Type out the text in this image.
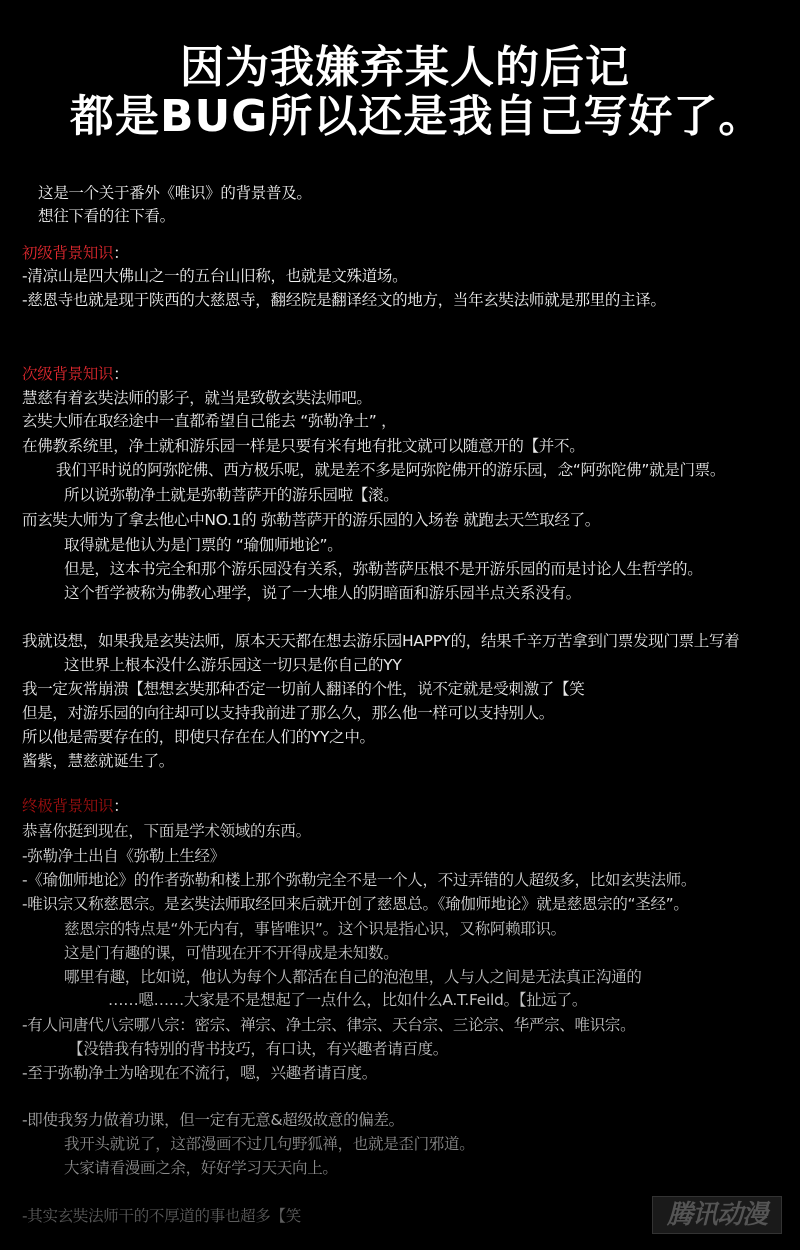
因为我嫌弃某人的后记
都是BUG所以还是我自己写好了。
这是一个关于番外《唯识》的背景普及。
想往下看的往下看。
初级背景知识：
-清凉山是四大佛山之一的五台山旧称，也就是文殊道场。
-慈恩寺也就是现于陕西的大慈恩寺，翻经院是翻译经文的地方，当年玄奘法师就是那里的主译。
次级背景知识：
慧慈有着玄奘法师的影子，就当是致敬玄奘法师吧。
玄奘大师在取经途中一直都希望自己能去 “弥勒净土” ，
在佛教系统里，净土就和游乐园一样是只要有米有地有批文就可以随意开的【并不。
我们平时说的阿弥陀佛、西方极乐呢，就是差不多是阿弥陀佛开的游乐园，念“阿弥陀佛”就是门票。
所以说弥勒净土就是弥勒菩萨开的游乐园啦【滚。
而玄奘大师为了拿去他心中NO.1的 弥勒菩萨开的游乐园的入场卷 就跑去天竺取经了。
取得就是他认为是门票的 “瑜伽师地论”。
但是，这本书完全和那个游乐园没有关系，弥勒菩萨压根不是开游乐园的而是讨论人生哲学的。
这个哲学被称为佛教心理学，说了一大堆人的阴暗面和游乐园半点关系没有。
我就设想，如果我是玄奘法师，原本天天都在想去游乐园HAPPY的，结果千辛万苦拿到门票发现门票上写着
这世界上根本没什么游乐园这一切只是你自己的YY
我一定灰常崩溃【想想玄奘那种否定一切前人翻译的个性，说不定就是受刺激了【笑
但是，对游乐园的向往却可以支持我前进了那么久，那么他一样可以支持别人。
所以他是需要存在的，即使只存在在人们的YY之中。
酱紫，慧慈就诞生了。
终极背景知识：
恭喜你挺到现在，下面是学术领域的东西。
-弥勒净土出自《弥勒上生经》
-《瑜伽师地论》的作者弥勒和楼上那个弥勒完全不是一个人，不过弄错的人超级多，比如玄奘法师。
-唯识宗又称慈恩宗。是玄奘法师取经回来后就开创了慈恩总。《瑜伽师地论》就是慈恩宗的“圣经”。
慈恩宗的特点是“外无内有，事皆唯识”。这个识是指心识，又称阿赖耶识。
这是门有趣的课，可惜现在开不开得成是未知数。
哪里有趣，比如说，他认为每个人都活在自己的泡泡里，人与人之间是无法真正沟通的
……嗯……大家是不是想起了一点什么，比如什么A.T.Feild。【扯远了。
-有人问唐代八宗哪八宗：密宗、禅宗、净土宗、律宗、天台宗、三论宗、华严宗、唯识宗。
【没错我有特别的背书技巧，有口诀，有兴趣者请百度。
-至于弥勒净土为啥现在不流行，嗯，兴趣者请百度。
-即使我努力做着功课，但一定有无意&超级故意的偏差。
我开头就说了，这部漫画不过几句野狐禅，也就是歪门邪道。
大家请看漫画之余，好好学习天天向上。
-其实玄奘法师干的不厚道的事也超多【笑	腾讯动漫
